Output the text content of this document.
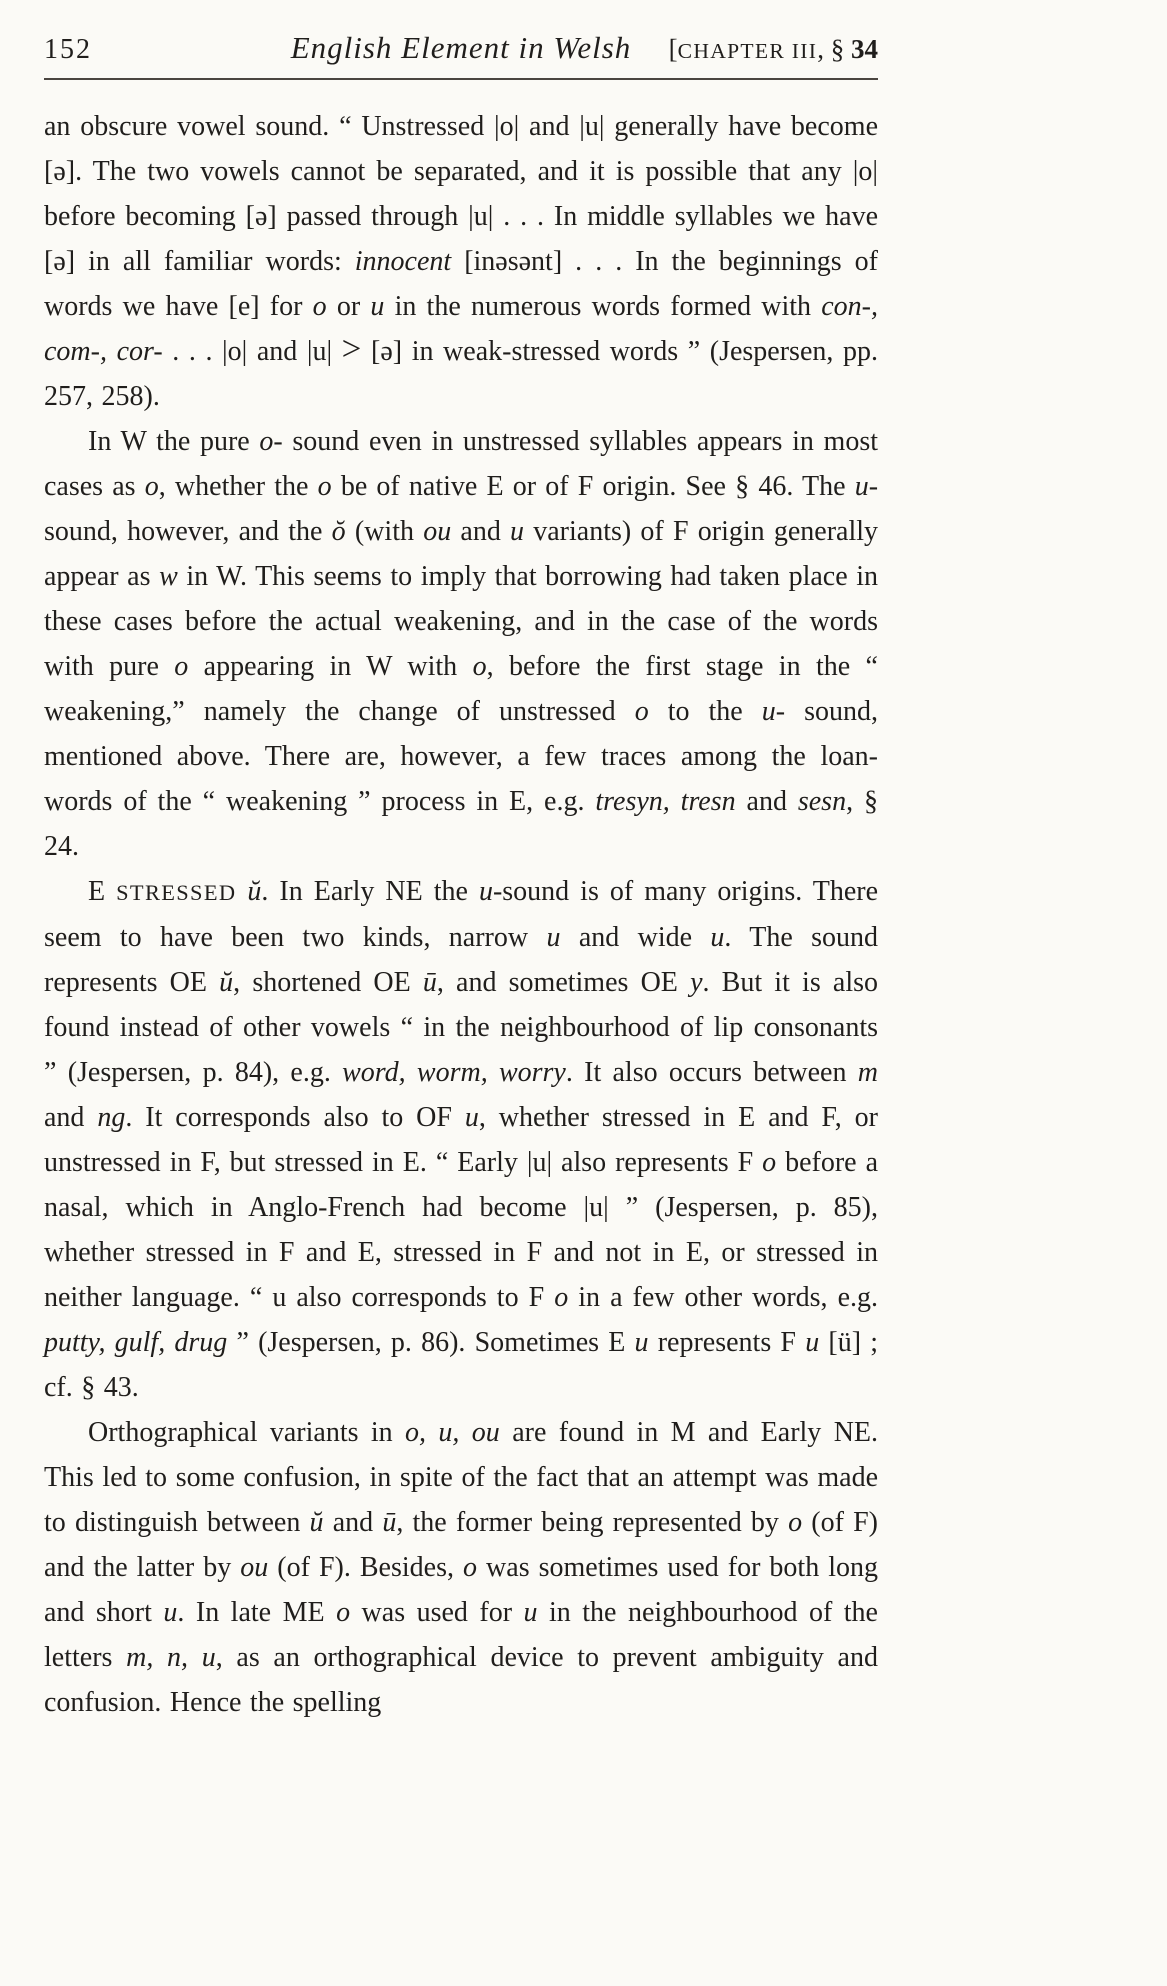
152	English Element in Welsh [CHAPTER III, § 34

an obscure vowel sound. “ Unstressed |o| and |u| generally have become [ə]. The two vowels cannot be separated, and it is possible that any |o| before becoming [ə] passed through |u| . . . In middle syllables we have [ə] in all familiar words: innocent [inəsənt] . . . In the beginnings of words we have [e] for o or u in the numerous words formed with con-, com-, cor- . . . |o| and |u| > [ə] in weak-stressed words ” (Jespersen, pp. 257, 258).

In W the pure o- sound even in unstressed syllables appears in most cases as o, whether the o be of native E or of F origin. See § 46. The u-sound, however, and the ŏ (with ou and u variants) of F origin generally appear as w in W. This seems to imply that borrowing had taken place in these cases before the actual weakening, and in the case of the words with pure o appearing in W with o, before the first stage in the “ weakening,” namely the change of unstressed o to the u- sound, mentioned above. There are, however, a few traces among the loan-words of the “ weakening ” process in E, e.g. tresyn, tresn and sesn, § 24.

E STRESSED ŭ. In Early NE the u-sound is of many origins. There seem to have been two kinds, narrow u and wide u. The sound represents OE ŭ, shortened OE ū, and sometimes OE y. But it is also found instead of other vowels “ in the neighbourhood of lip consonants ” (Jespersen, p. 84), e.g. word, worm, worry. It also occurs between m and ng. It corresponds also to OF u, whether stressed in E and F, or unstressed in F, but stressed in E. “ Early |u| also represents F o before a nasal, which in Anglo-French had become |u| ” (Jespersen, p. 85), whether stressed in F and E, stressed in F and not in E, or stressed in neither language. “ u also corresponds to F o in a few other words, e.g. putty, gulf, drug ” (Jespersen, p. 86). Sometimes E u represents F u [ü] ; cf. § 43.

Orthographical variants in o, u, ou are found in M and Early NE. This led to some confusion, in spite of the fact that an attempt was made to distinguish between ŭ and ū, the former being represented by o (of F) and the latter by ou (of F). Besides, o was sometimes used for both long and short u. In late ME o was used for u in the neighbourhood of the letters m, n, u, as an orthographical device to prevent ambiguity and confusion. Hence the spelling
